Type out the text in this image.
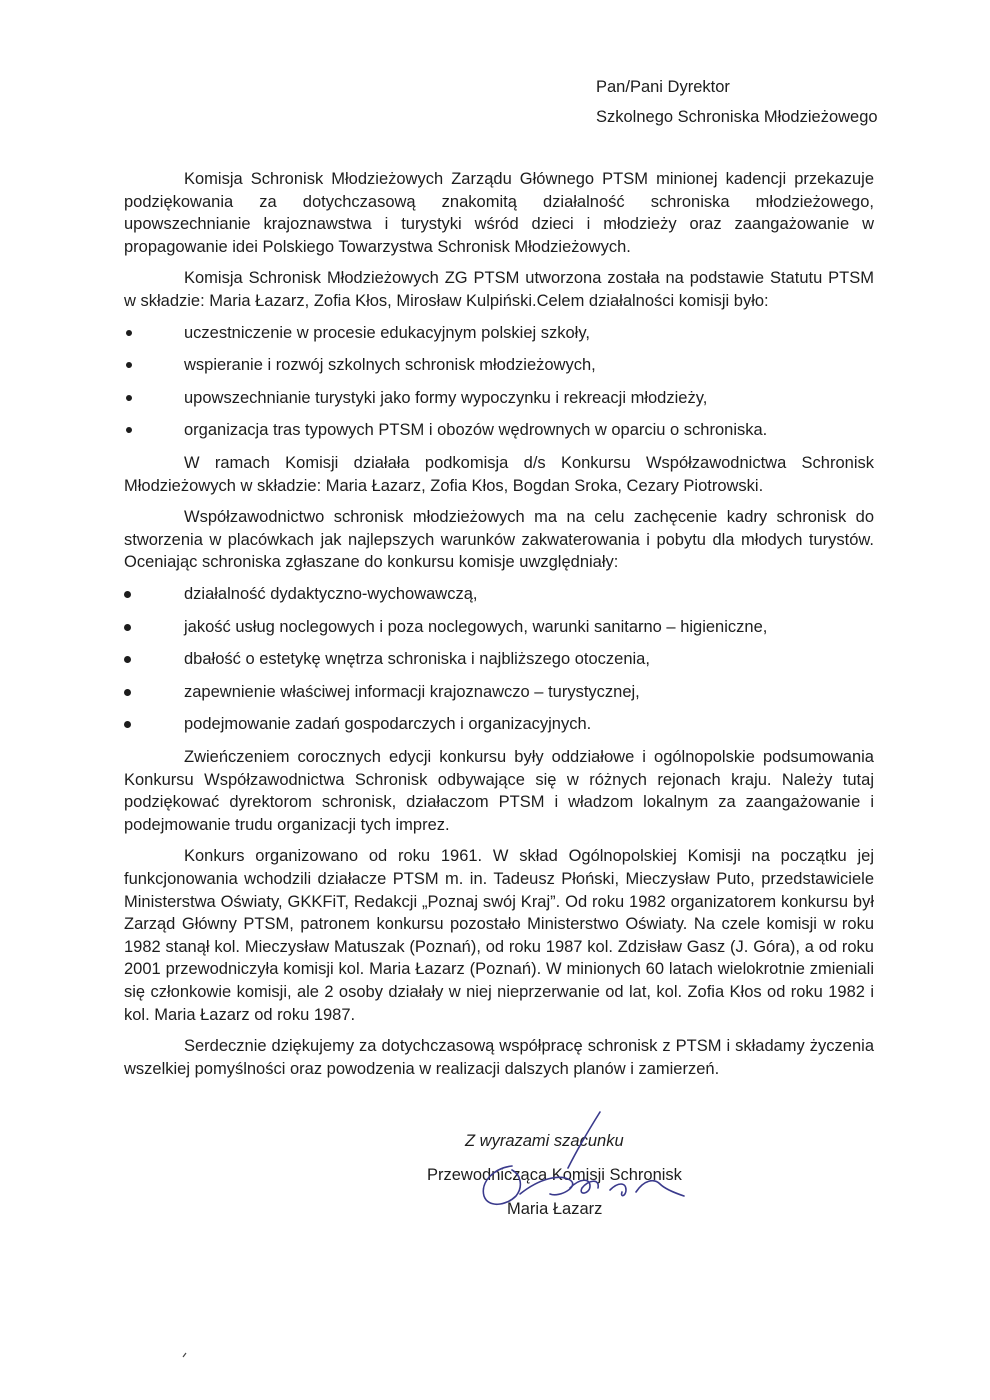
Pan/Pani Dyrektor
Szkolnego Schroniska Młodzieżowego

Komisja Schronisk Młodzieżowych Zarządu Głównego PTSM minionej kadencji przekazuje podziękowania za dotychczasową znakomitą działalność schroniska młodzieżowego, upowszechnianie krajoznawstwa i turystyki wśród dzieci i młodzieży oraz zaangażowanie w propagowanie idei Polskiego Towarzystwa Schronisk Młodzieżowych.

Komisja Schronisk Młodzieżowych ZG PTSM utworzona została na podstawie Statutu PTSM w składzie: Maria Łazarz, Zofia Kłos, Mirosław Kulpiński.Celem działalności komisji było:

uczestniczenie w procesie edukacyjnym polskiej szkoły,
wspieranie i rozwój szkolnych schronisk młodzieżowych,
upowszechnianie turystyki jako formy wypoczynku i rekreacji młodzieży,
organizacja tras typowych PTSM i obozów wędrownych w oparciu o schroniska.

W ramach Komisji działała podkomisja d/s Konkursu Współzawodnictwa Schronisk Młodzieżowych w składzie: Maria Łazarz, Zofia Kłos, Bogdan Sroka, Cezary Piotrowski.

Współzawodnictwo schronisk młodzieżowych ma na celu zachęcenie kadry schronisk do stworzenia w placówkach jak najlepszych warunków zakwaterowania i pobytu dla młodych turystów. Oceniając schroniska zgłaszane do konkursu komisje uwzględniały:

działalność dydaktyczno-wychowawczą,
jakość usług noclegowych i poza noclegowych, warunki sanitarno – higieniczne,
dbałość o estetykę wnętrza schroniska i najbliższego otoczenia,
zapewnienie właściwej informacji krajoznawczo – turystycznej,
podejmowanie zadań gospodarczych i organizacyjnych.

Zwieńczeniem corocznych edycji konkursu były oddziałowe i ogólnopolskie podsumowania Konkursu Współzawodnictwa Schronisk odbywające się w różnych rejonach kraju. Należy tutaj podziękować dyrektorom schronisk, działaczom PTSM i władzom lokalnym za zaangażowanie i podejmowanie trudu organizacji tych imprez.

Konkurs organizowano od roku 1961. W skład Ogólnopolskiej Komisji na początku jej funkcjonowania wchodzili działacze PTSM m. in. Tadeusz Płoński, Mieczysław Puto, przedstawiciele Ministerstwa Oświaty, GKKFiT, Redakcji „Poznaj swój Kraj”. Od roku 1982 organizatorem konkursu był Zarząd Główny PTSM, patronem konkursu pozostało Ministerstwo Oświaty. Na czele komisji w roku 1982 stanął kol. Mieczysław Matuszak (Poznań), od roku 1987 kol. Zdzisław Gasz (J. Góra), a od roku 2001 przewodniczyła komisji kol. Maria Łazarz (Poznań). W minionych 60 latach wielokrotnie zmieniali się członkowie komisji, ale 2 osoby działały w niej nieprzerwanie od lat, kol. Zofia Kłos od roku 1982 i kol. Maria Łazarz od roku 1987.

Serdecznie dziękujemy za dotychczasową współpracę schronisk z PTSM i składamy życzenia wszelkiej pomyślności oraz powodzenia w realizacji dalszych planów i zamierzeń.

Z wyrazami szacunku
Przewodnicząca Komisji Schronisk
Maria Łazarz
